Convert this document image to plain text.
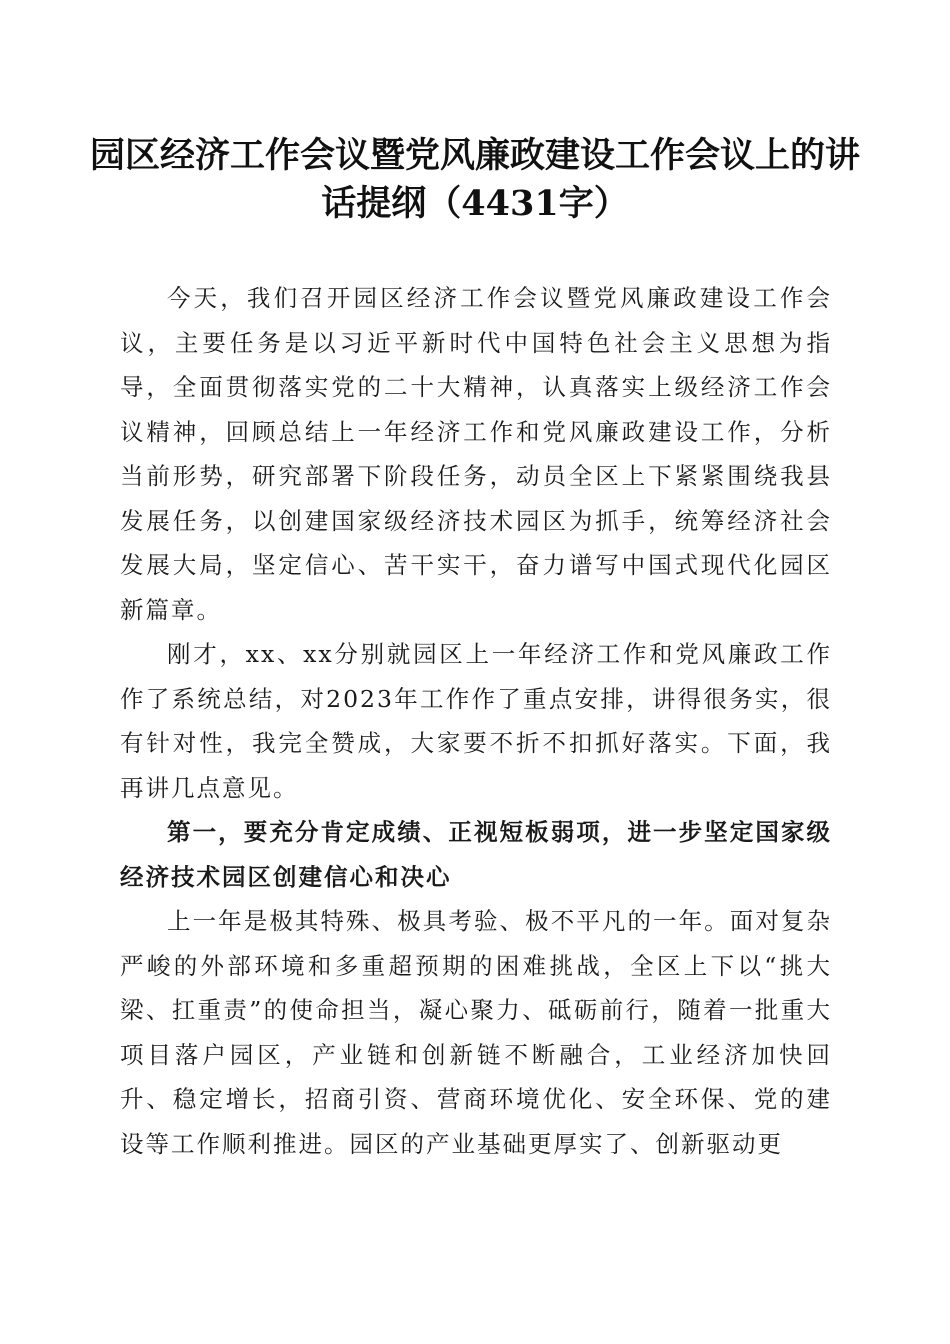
园区经济工作会议暨党风廉政建设工作会议上的讲话提纲（4431字）

今天，我们召开园区经济工作会议暨党风廉政建设工作会议，主要任务是以习近平新时代中国特色社会主义思想为指导，全面贯彻落实党的二十大精神，认真落实上级经济工作会议精神，回顾总结上一年经济工作和党风廉政建设工作，分析当前形势，研究部署下阶段任务，动员全区上下紧紧围绕我县发展任务，以创建国家级经济技术园区为抓手，统筹经济社会发展大局，坚定信心、苦干实干，奋力谱写中国式现代化园区新篇章。

刚才，xx、xx分别就园区上一年经济工作和党风廉政工作作了系统总结，对2023年工作作了重点安排，讲得很务实，很有针对性，我完全赞成，大家要不折不扣抓好落实。下面，我再讲几点意见。

第一，要充分肯定成绩、正视短板弱项，进一步坚定国家级经济技术园区创建信心和决心

上一年是极其特殊、极具考验、极不平凡的一年。面对复杂严峻的外部环境和多重超预期的困难挑战，全区上下以“挑大梁、扛重责”的使命担当，凝心聚力、砥砺前行，随着一批重大项目落户园区，产业链和创新链不断融合，工业经济加快回升、稳定增长，招商引资、营商环境优化、安全环保、党的建设等工作顺利推进。园区的产业基础更厚实了、创新驱动更
